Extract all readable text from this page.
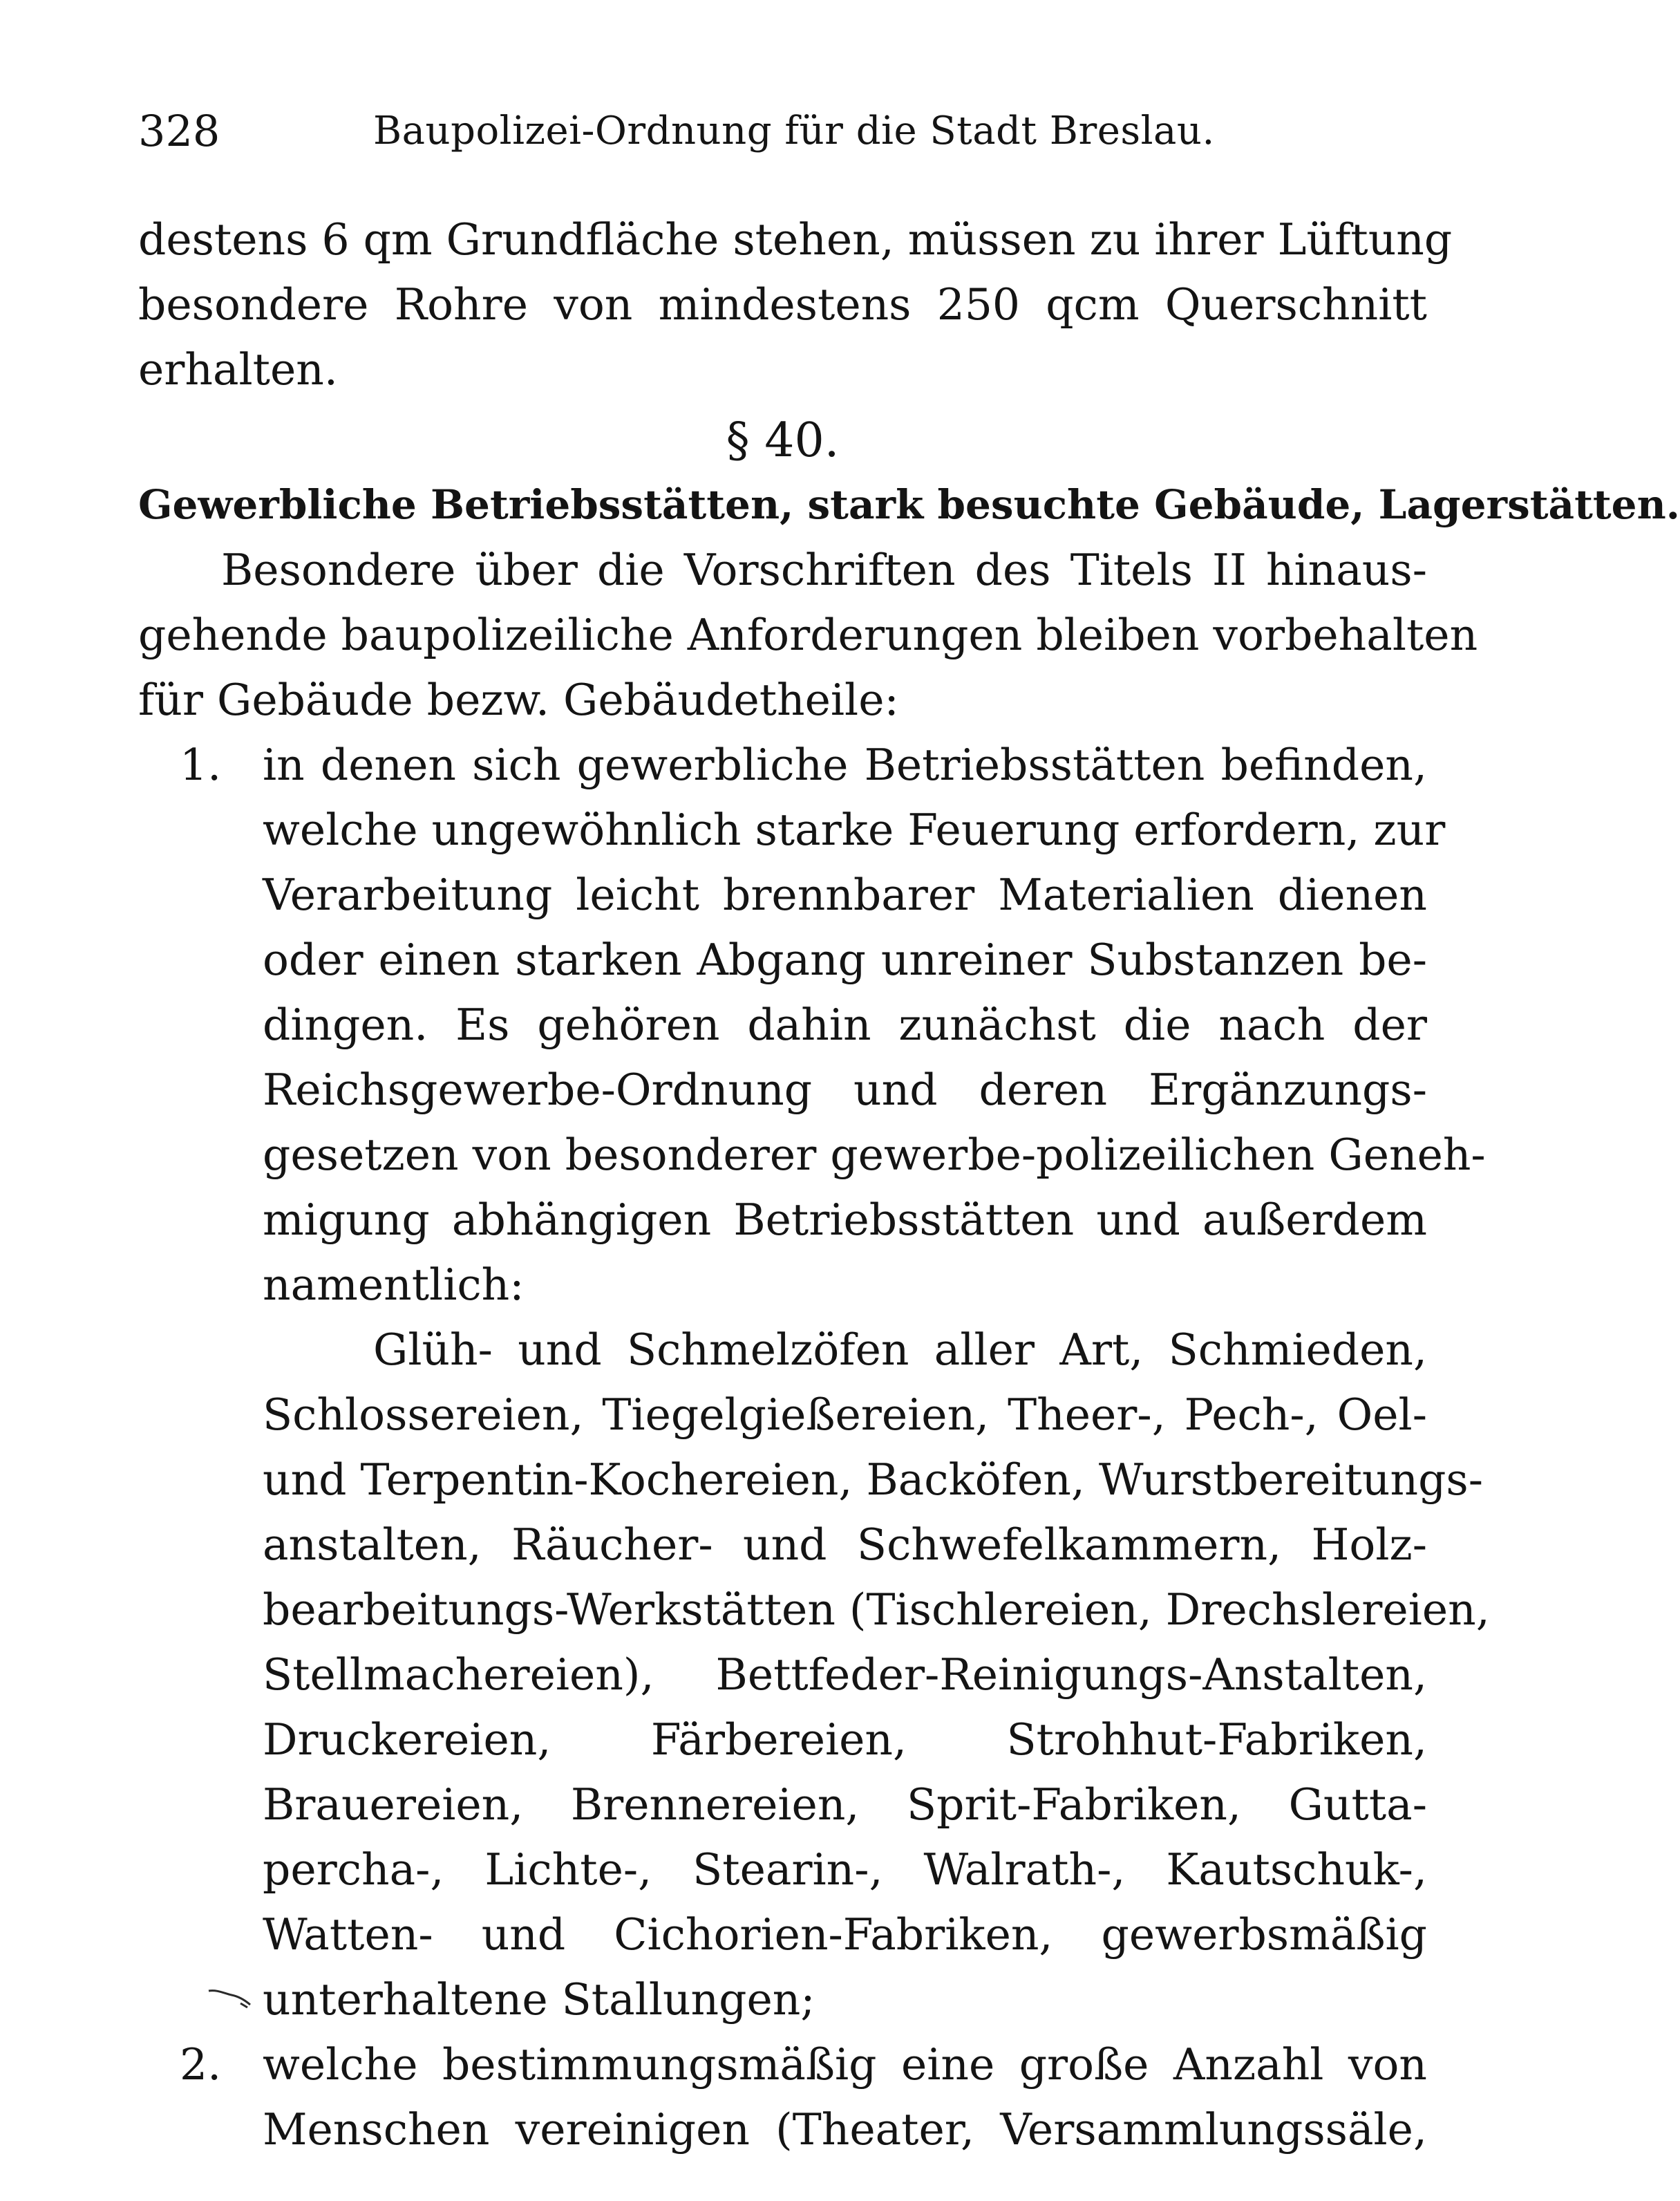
328	Baupolizei-Ordnung für die Stadt Breslau.
destens 6 qm Grundfläche stehen, müssen zu ihrer Lüftung
besondere Rohre von mindestens 250 qcm Querschnitt
erhalten.
§ 40.
Gewerbliche Betriebsstätten, stark besuchte Gebäude, Lagerstätten.
Besondere über die Vorschriften des Titels II hinaus-
gehende baupolizeiliche Anforderungen bleiben vorbehalten
für Gebäude bezw. Gebäudetheile:
1. in denen sich gewerbliche Betriebsstätten befinden,
welche ungewöhnlich starke Feuerung erfordern, zur
Verarbeitung leicht brennbarer Materialien dienen
oder einen starken Abgang unreiner Substanzen be-
dingen. Es gehören dahin zunächst die nach der
Reichsgewerbe-Ordnung und deren Ergänzungs-
gesetzen von besonderer gewerbe-polizeilichen Geneh-
migung abhängigen Betriebsstätten und außerdem
namentlich:
Glüh- und Schmelzöfen aller Art, Schmieden,
Schlossereien, Tiegelgießereien, Theer-, Pech-, Oel-
und Terpentin-Kochereien, Backöfen, Wurstbereitungs-
anstalten, Räucher- und Schwefelkammern, Holz-
bearbeitungs-Werkstätten (Tischlereien, Drechslereien,
Stellmachereien), Bettfeder-Reinigungs-Anstalten,
Druckereien, Färbereien, Strohhut-Fabriken,
Brauereien, Brennereien, Sprit-Fabriken, Gutta-
percha-, Lichte-, Stearin-, Walrath-, Kautschuk-,
Watten- und Cichorien-Fabriken, gewerbsmäßig
unterhaltene Stallungen;
2. welche bestimmungsmäßig eine große Anzahl von
Menschen vereinigen (Theater, Versammlungssäle,
